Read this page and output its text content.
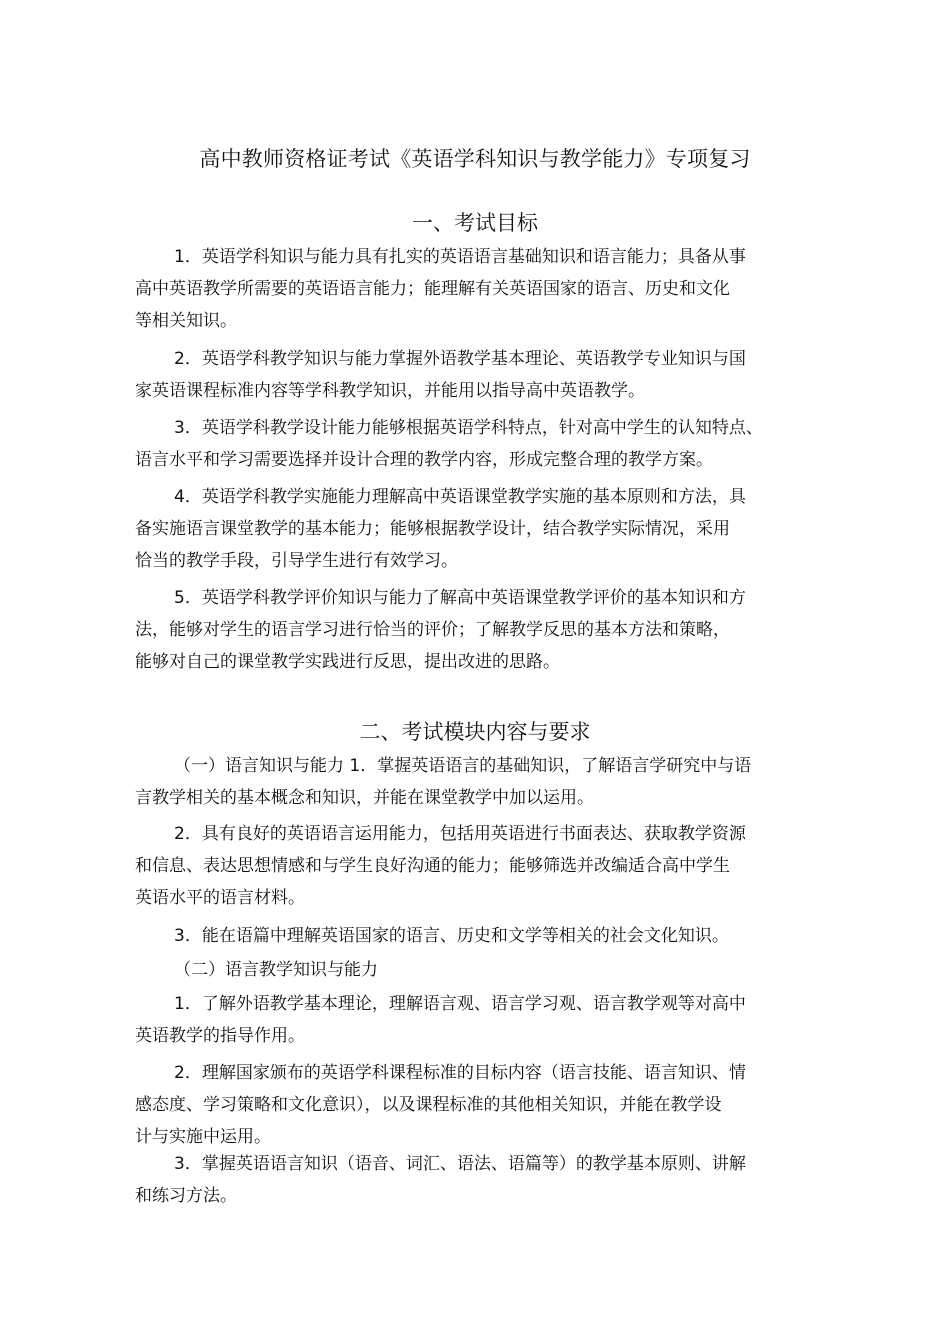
高中教师资格证考试《英语学科知识与教学能力》专项复习
一、考试目标

1．英语学科知识与能力具有扎实的英语语言基础知识和语言能力；具备从事
高中英语教学所需要的英语语言能力；能理解有关英语国家的语言、历史和文化
等相关知识。

2．英语学科教学知识与能力掌握外语教学基本理论、英语教学专业知识与国
家英语课程标准内容等学科教学知识，并能用以指导高中英语教学。

3．英语学科教学设计能力能够根据英语学科特点，针对高中学生的认知特点、
语言水平和学习需要选择并设计合理的教学内容，形成完整合理的教学方案。

4．英语学科教学实施能力理解高中英语课堂教学实施的基本原则和方法，具
备实施语言课堂教学的基本能力；能够根据教学设计，结合教学实际情况，采用
恰当的教学手段，引导学生进行有效学习。

5．英语学科教学评价知识与能力了解高中英语课堂教学评价的基本知识和方
法，能够对学生的语言学习进行恰当的评价；了解教学反思的基本方法和策略，
能够对自己的课堂教学实践进行反思，提出改进的思路。

二、考试模块内容与要求

（一）语言知识与能力 1．掌握英语语言的基础知识，了解语言学研究中与语
言教学相关的基本概念和知识，并能在课堂教学中加以运用。

2．具有良好的英语语言运用能力，包括用英语进行书面表达、获取教学资源
和信息、表达思想情感和与学生良好沟通的能力；能够筛选并改编适合高中学生
英语水平的语言材料。

3．能在语篇中理解英语国家的语言、历史和文学等相关的社会文化知识。

（二）语言教学知识与能力

1．了解外语教学基本理论，理解语言观、语言学习观、语言教学观等对高中
英语教学的指导作用。

2．理解国家颁布的英语学科课程标准的目标内容（语言技能、语言知识、情
感态度、学习策略和文化意识），以及课程标准的其他相关知识，并能在教学设
计与实施中运用。

3．掌握英语语言知识（语音、词汇、语法、语篇等）的教学基本原则、讲解
和练习方法。
